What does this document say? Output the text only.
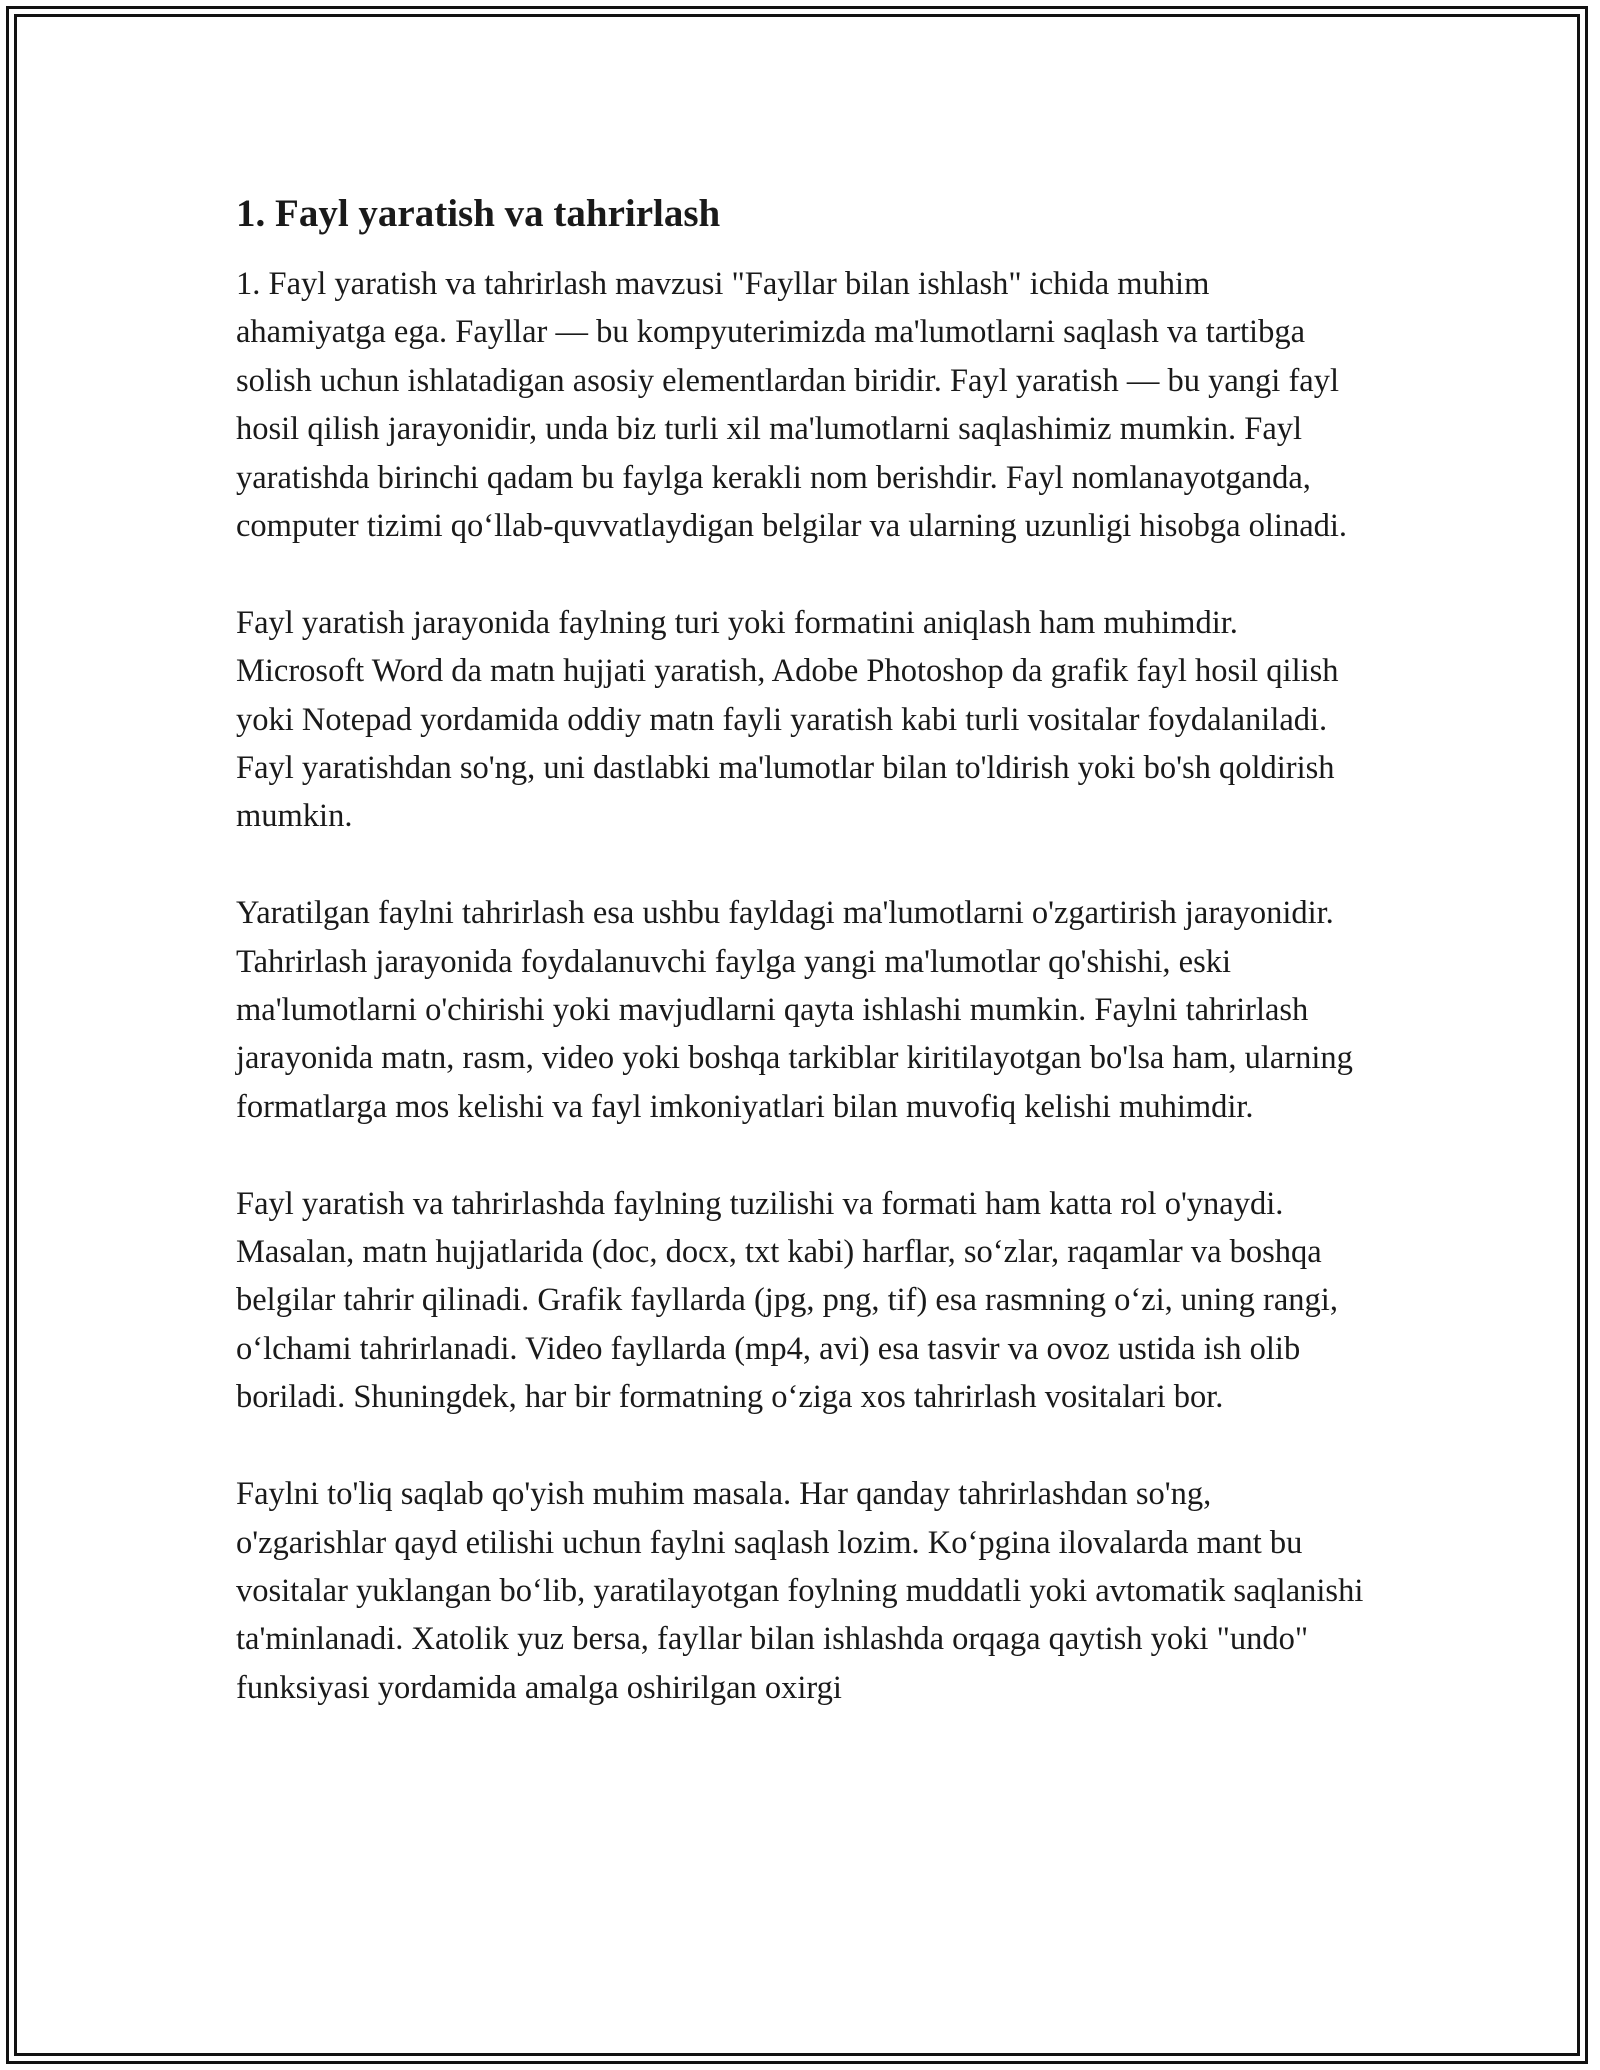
1. Fayl yaratish va tahrirlash

1. Fayl yaratish va tahrirlash mavzusi "Fayllar bilan ishlash" ichida muhim ahamiyatga ega. Fayllar — bu kompyuterimizda ma'lumotlarni saqlash va tartibga solish uchun ishlatadigan asosiy elementlardan biridir. Fayl yaratish — bu yangi fayl hosil qilish jarayonidir, unda biz turli xil ma'lumotlarni saqlashimiz mumkin. Fayl yaratishda birinchi qadam bu faylga kerakli nom berishdir. Fayl nomlanayotganda, computer tizimi qo‘llab-quvvatlaydigan belgilar va ularning uzunligi hisobga olinadi.

Fayl yaratish jarayonida faylning turi yoki formatini aniqlash ham muhimdir. Microsoft Word da matn hujjati yaratish, Adobe Photoshop da grafik fayl hosil qilish yoki Notepad yordamida oddiy matn fayli yaratish kabi turli vositalar foydalaniladi. Fayl yaratishdan so'ng, uni dastlabki ma'lumotlar bilan to'ldirish yoki bo'sh qoldirish mumkin.

Yaratilgan faylni tahrirlash esa ushbu fayldagi ma'lumotlarni o'zgartirish jarayonidir. Tahrirlash jarayonida foydalanuvchi faylga yangi ma'lumotlar qo'shishi, eski ma'lumotlarni o'chirishi yoki mavjudlarni qayta ishlashi mumkin. Faylni tahrirlash jarayonida matn, rasm, video yoki boshqa tarkiblar kiritilayotgan bo'lsa ham, ularning formatlarga mos kelishi va fayl imkoniyatlari bilan muvofiq kelishi muhimdir.

Fayl yaratish va tahrirlashda faylning tuzilishi va formati ham katta rol o'ynaydi. Masalan, matn hujjatlarida (doc, docx, txt kabi) harflar, so‘zlar, raqamlar va boshqa belgilar tahrir qilinadi. Grafik fayllarda (jpg, png, tif) esa rasmning o‘zi, uning rangi, o‘lchami tahrirlanadi. Video fayllarda (mp4, avi) esa tasvir va ovoz ustida ish olib boriladi. Shuningdek, har bir formatning o‘ziga xos tahrirlash vositalari bor.

Faylni to'liq saqlab qo'yish muhim masala. Har qanday tahrirlashdan so'ng, o'zgarishlar qayd etilishi uchun faylni saqlash lozim. Ko‘pgina ilovalarda mant bu vositalar yuklangan bo‘lib, yaratilayotgan foylning muddatli yoki avtomatik saqlanishi ta'minlanadi. Xatolik yuz bersa, fayllar bilan ishlashda orqaga qaytish yoki "undo" funksiyasi yordamida amalga oshirilgan oxirgi
